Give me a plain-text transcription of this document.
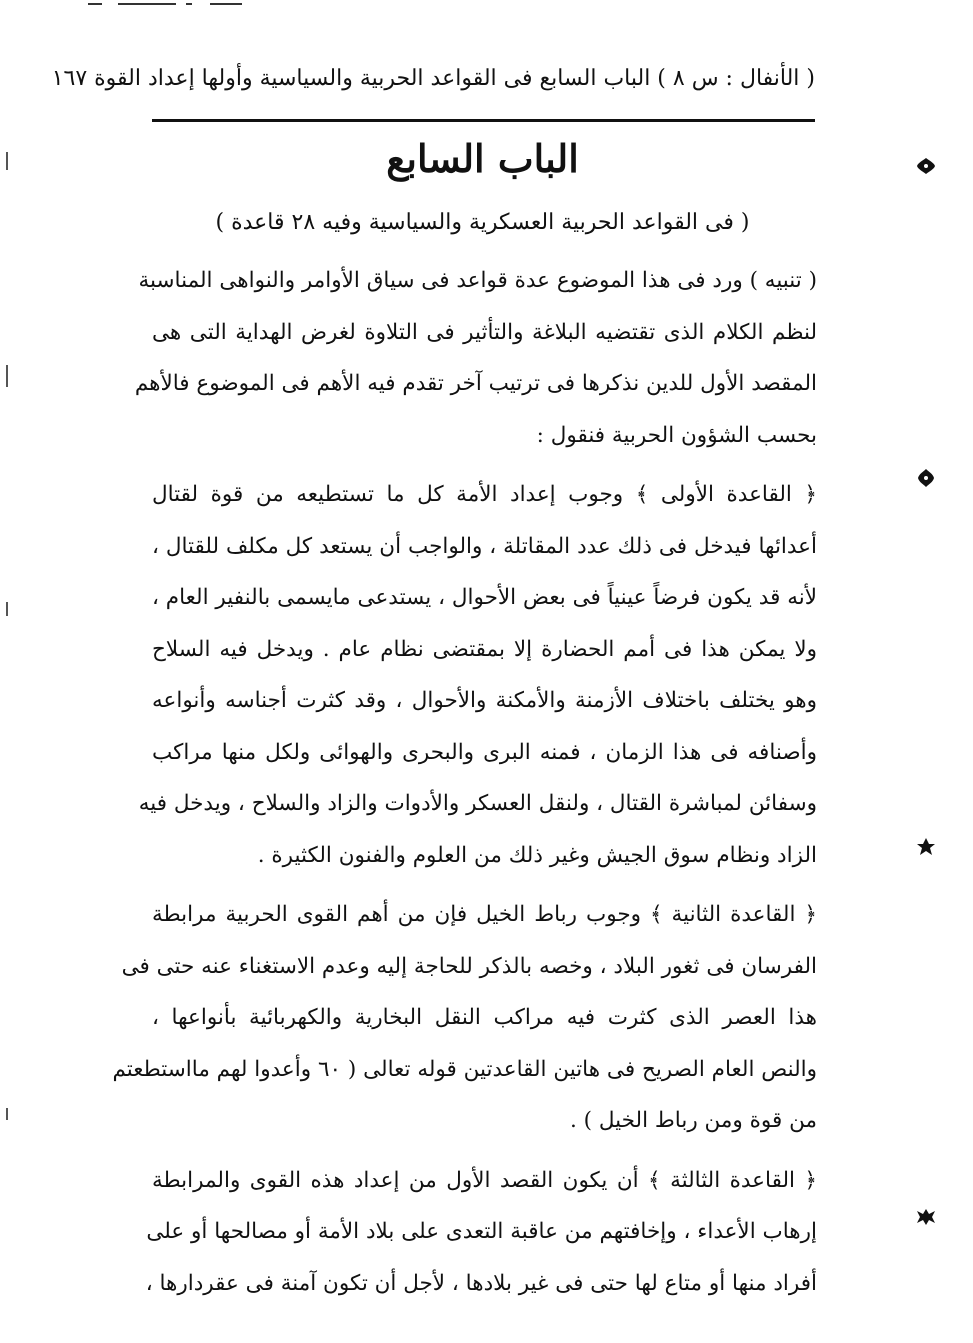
( الأنفال : س ٨ ) الباب السابع فى القواعد الحربية والسياسية وأولها إعداد القوة ١٦٧
الباب السابع
( فى القواعد الحربية العسكرية والسياسية وفيه ٢٨ قاعدة )
( تنبيه ) ورد فى هذا الموضوع عدة قواعد فى سياق الأوامر والنواهى المناسبة
لنظم الكلام الذى تقتضيه البلاغة والتأثير فى التلاوة لغرض الهداية التى هى
المقصد الأول للدين نذكرها فى ترتيب آخر تقدم فيه الأهم فى الموضوع فالأهم
بحسب الشؤون الحربية فنقول :
﴿ القاعدة الأولى ﴾ وجوب إعداد الأمة كل ما تستطيعه من قوة لقتال
أعدائها فيدخل فى ذلك عدد المقاتلة ، والواجب أن يستعد كل مكلف للقتال ،
لأنه قد يكون فرضاً عينياً فى بعض الأحوال ، يستدعى مايسمى بالنفير العام ،
ولا يمكن هذا فى أمم الحضارة إلا بمقتضى نظام عام . ويدخل فيه السلاح
وهو يختلف باختلاف الأزمنة والأمكنة والأحوال ، وقد كثرت أجناسه وأنواعه
وأصنافه فى هذا الزمان ، فمنه البرى والبحرى والهوائى ولكل منها مراكب
وسفائن لمباشرة القتال ، ولنقل العسكر والأدوات والزاد والسلاح ، ويدخل فيه
الزاد ونظام سوق الجيش وغير ذلك من العلوم والفنون الكثيرة .
﴿ القاعدة الثانية ﴾ وجوب رباط الخيل فإن من أهم القوى الحربية مرابطة
الفرسان فى ثغور البلاد ، وخصه بالذكر للحاجة إليه وعدم الاستغناء عنه حتى فى
هذا العصر الذى كثرت فيه مراكب النقل البخارية والكهربائية بأنواعها ،
والنص العام الصريح فى هاتين القاعدتين قوله تعالى ( ٦٠ وأعدوا لهم مااستطعتم
من قوة ومن رباط الخيل ) .
﴿ القاعدة الثالثة ﴾ أن يكون القصد الأول من إعداد هذه القوى والمرابطة
إرهاب الأعداء ، وإخافتهم من عاقبة التعدى على بلاد الأمة أو مصالحها أو على
أفراد منها أو متاع لها حتى فى غير بلادها ، لأجل أن تكون آمنة فى عقردارها ،
